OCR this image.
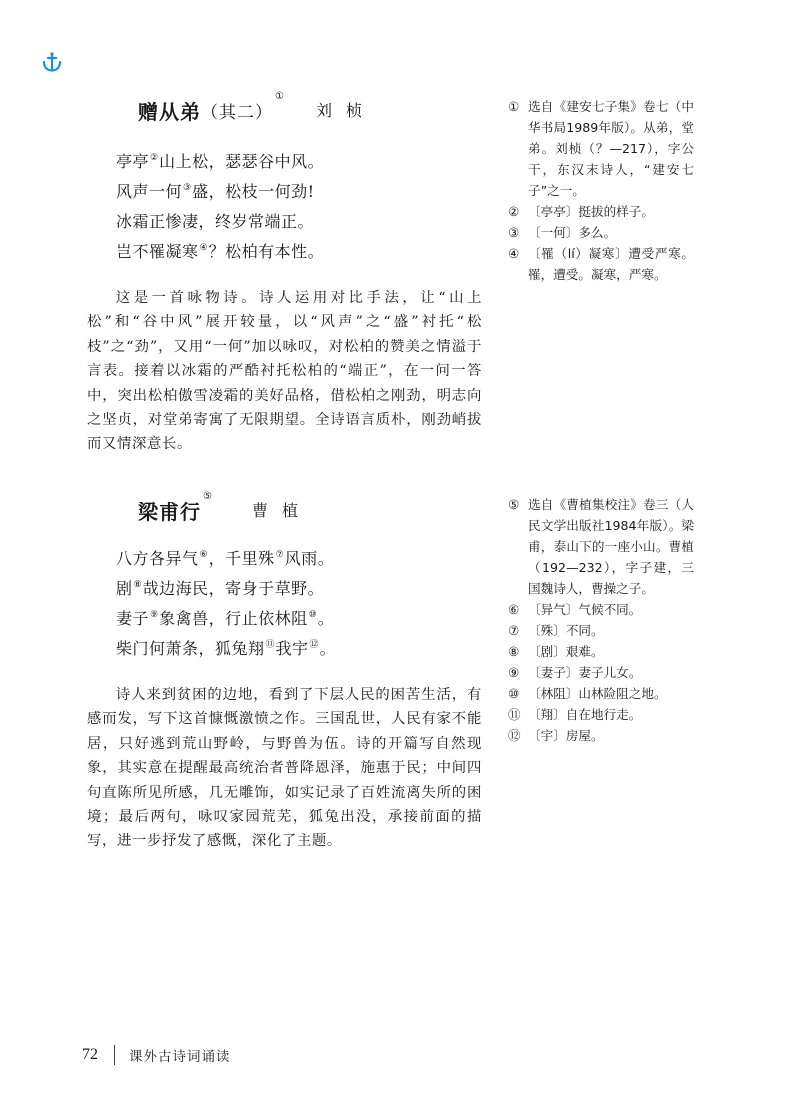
赠从弟 （其二）
①
刘桢
亭亭②山上松，瑟瑟谷中风。
风声一何③盛，松枝一何劲!
冰霜正惨凄，终岁常端正。
岂不罹凝寒④？松柏有本性。

这是一首咏物诗。诗人运用对比手法，让“山上松”和“谷中风”展开较量，以“风声”之“盛”衬托“松枝”之“劲”，又用“一何”加以咏叹，对松柏的赞美之情溢于言表。接着以冰霜的严酷衬托松柏的“端正”，在一问一答中，突出松柏傲雪凌霜的美好品格，借松柏之刚劲，明志向之坚贞，对堂弟寄寓了无限期望。全诗语言质朴，刚劲峭拔而又情深意长。

① 选自《建安七子集》卷七（中华书局1989年版）。从弟，堂弟。刘桢（？—217），字公干，东汉末诗人，“建安七子”之一。
② 〔亭亭〕挺拔的样子。
③ 〔一何〕多么。
④ 〔罹（lí）凝寒〕遭受严寒。罹，遭受。凝寒，严寒。
梁甫行
⑤
曹植
八方各异气⑥，千里殊⑦风雨。
剧⑧哉边海民，寄身于草野。
妻子⑨象禽兽，行止依林阻⑩。
柴门何萧条，狐兔翔⑪我宇⑫。

诗人来到贫困的边地，看到了下层人民的困苦生活，有感而发，写下这首慷慨激愤之作。三国乱世，人民有家不能居，只好逃到荒山野岭，与野兽为伍。诗的开篇写自然现象，其实意在提醒最高统治者普降恩泽，施惠于民；中间四句直陈所见所感，几无雕饰，如实记录了百姓流离失所的困境；最后两句，咏叹家园荒芜，狐兔出没，承接前面的描写，进一步抒发了感慨，深化了主题。

⑤ 选自《曹植集校注》卷三（人民文学出版社1984年版）。梁甫，泰山下的一座小山。曹植（192—232），字子建，三国魏诗人，曹操之子。
⑥ 〔异气〕气候不同。
⑦ 〔殊〕不同。
⑧ 〔剧〕艰难。
⑨ 〔妻子〕妻子儿女。
⑩ 〔林阻〕山林险阻之地。
⑪ 〔翔〕自在地行走。
⑫ 〔宇〕房屋。
72 课外古诗词诵读
